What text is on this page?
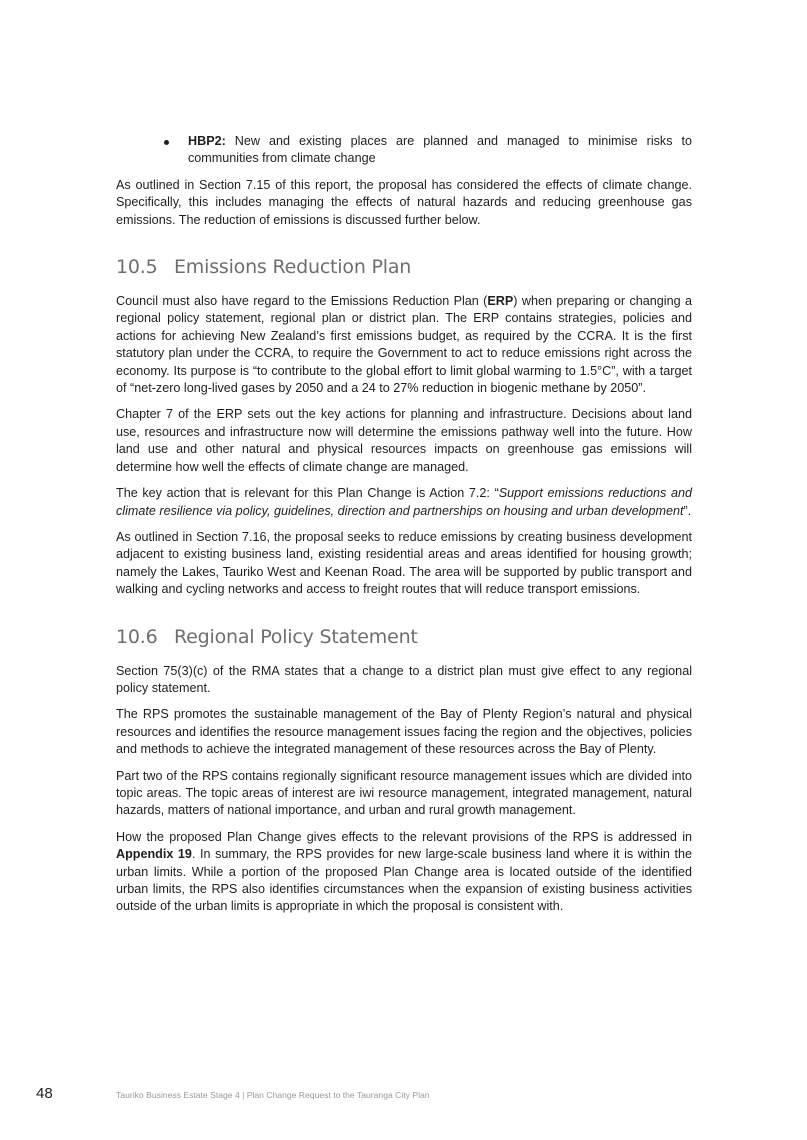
HBP2: New and existing places are planned and managed to minimise risks to communities from climate change

As outlined in Section 7.15 of this report, the proposal has considered the effects of climate change. Specifically, this includes managing the effects of natural hazards and reducing greenhouse gas emissions. The reduction of emissions is discussed further below.

10.5 Emissions Reduction Plan

Council must also have regard to the Emissions Reduction Plan (ERP) when preparing or changing a regional policy statement, regional plan or district plan. The ERP contains strategies, policies and actions for achieving New Zealand’s first emissions budget, as required by the CCRA. It is the first statutory plan under the CCRA, to require the Government to act to reduce emissions right across the economy. Its purpose is “to contribute to the global effort to limit global warming to 1.5°C”, with a target of “net-zero long-lived gases by 2050 and a 24 to 27% reduction in biogenic methane by 2050”.

Chapter 7 of the ERP sets out the key actions for planning and infrastructure. Decisions about land use, resources and infrastructure now will determine the emissions pathway well into the future. How land use and other natural and physical resources impacts on greenhouse gas emissions will determine how well the effects of climate change are managed.

The key action that is relevant for this Plan Change is Action 7.2: “Support emissions reductions and climate resilience via policy, guidelines, direction and partnerships on housing and urban development”.

As outlined in Section 7.16, the proposal seeks to reduce emissions by creating business development adjacent to existing business land, existing residential areas and areas identified for housing growth; namely the Lakes, Tauriko West and Keenan Road. The area will be supported by public transport and walking and cycling networks and access to freight routes that will reduce transport emissions.

10.6 Regional Policy Statement

Section 75(3)(c) of the RMA states that a change to a district plan must give effect to any regional policy statement.

The RPS promotes the sustainable management of the Bay of Plenty Region’s natural and physical resources and identifies the resource management issues facing the region and the objectives, policies and methods to achieve the integrated management of these resources across the Bay of Plenty.

Part two of the RPS contains regionally significant resource management issues which are divided into topic areas. The topic areas of interest are iwi resource management, integrated management, natural hazards, matters of national importance, and urban and rural growth management.

How the proposed Plan Change gives effects to the relevant provisions of the RPS is addressed in Appendix 19. In summary, the RPS provides for new large-scale business land where it is within the urban limits. While a portion of the proposed Plan Change area is located outside of the identified urban limits, the RPS also identifies circumstances when the expansion of existing business activities outside of the urban limits is appropriate in which the proposal is consistent with.

48	Tauriko Business Estate Stage 4 | Plan Change Request to the Tauranga City Plan
